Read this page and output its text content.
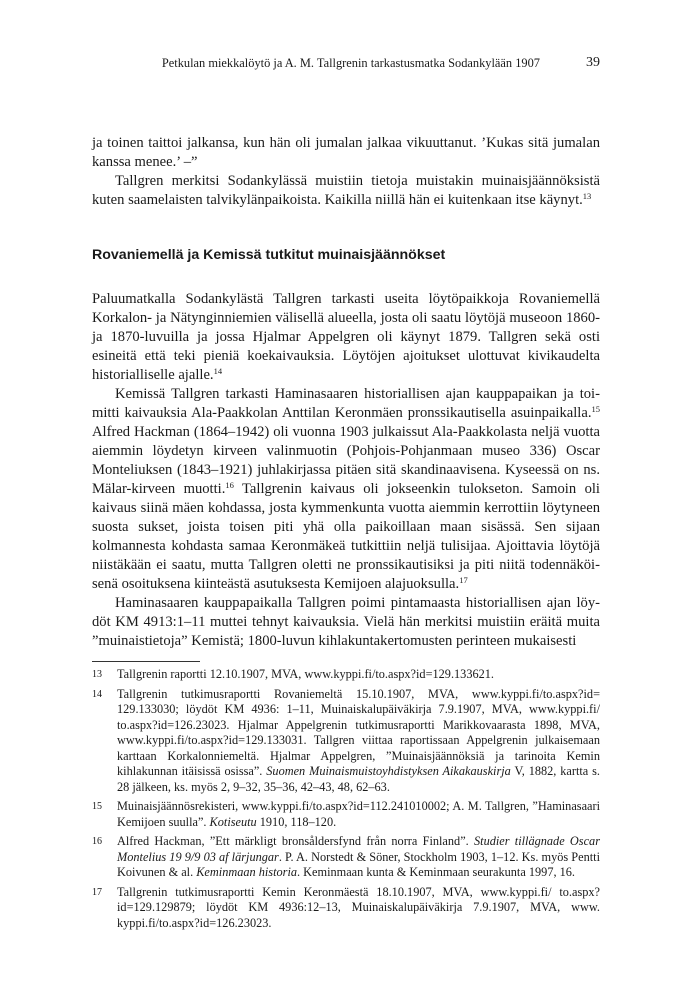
Petkulan miekkalöytö ja A. M. Tallgrenin tarkastusmatka Sodankylään 1907	39

ja toinen taittoi jalkansa, kun hän oli jumalan jalkaa vikuuttanut. ’Kukas sitä jumalan kanssa menee.’ –”

Tallgren merkitsi Sodankylässä muistiin tietoja muistakin muinaisjäännöksistä kuten saamelaisten talvikylänpaikoista. Kaikilla niillä hän ei kuitenkaan itse käynyt.$^{13}$

Rovaniemellä ja Kemissä tutkitut muinaisjäännökset

Paluumatkalla Sodankylästä Tallgren tarkasti useita löytöpaikkoja Rovaniemellä Korkalon- ja Nätynginniemien välisellä alueella, josta oli saatu löytöjä museoon 1860- ja 1870-luvuilla ja jossa Hjalmar Appelgren oli käynyt 1879. Tallgren sekä osti esineitä että teki pieniä koekaivauksia. Löytöjen ajoitukset ulottuvat kivikaudelta historialliselle ajalle.$^{14}$

Kemissä Tallgren tarkasti Haminasaaren historiallisen ajan kauppapaikan ja toimitti kaivauksia Ala-Paakkolan Anttilan Keronmäen pronssikautisella asuinpaikalla.$^{15}$ Alfred Hackman (1864–1942) oli vuonna 1903 julkaissut Ala-Paakkolasta neljä vuotta aiemmin löydetyn kirveen valinmuotin (Pohjois-Pohjanmaan museo 336) Oscar Monteliuksen (1843–1921) juhlakirjassa pitäen sitä skandinaavisena. Kyseessä on ns. Mälar-kirveen muotti.$^{16}$ Tallgrenin kaivaus oli jokseenkin tulokseton. Samoin oli kaivaus siinä mäen kohdassa, josta kymmenkunta vuotta aiemmin kerrottiin löytyneen suosta sukset, joista toisen piti yhä olla paikoillaan maan sisässä. Sen sijaan kolmannesta kohdasta samaa Keronmäkeä tutkittiin neljä tulisijaa. Ajoittavia löytöjä niistäkään ei saatu, mutta Tallgren oletti ne pronssikautisiksi ja piti niitä todennäköisenä osoituksena kiinteästä asutuksesta Kemijoen alajuoksulla.$^{17}$

Haminasaaren kauppapaikalla Tallgren poimi pintamaasta historiallisen ajan löydöt KM 4913:1–11 muttei tehnyt kaivauksia. Vielä hän merkitsi muistiin eräitä muita ”muinaistietoja” Kemistä; 1800-luvun kihlakuntakertomusten perinteen mukaisesti

13 Tallgrenin raportti 12.10.1907, MVA, www.kyppi.fi/to.aspx?id=129.133621.
14 Tallgrenin tutkimusraportti Rovaniemeltä 15.10.1907, MVA, www.kyppi.fi/to.aspx?id= 129.133030; löydöt KM 4936: 1–11, Muinaiskalupäiväkirja 7.9.1907, MVA, www.kyppi.fi/ to.aspx?id=126.23023. Hjalmar Appelgrenin tutkimusraportti Marikkovaarasta 1898, MVA, www.kyppi.fi/to.aspx?id=129.133031. Tallgren viittaa raportissaan Appelgrenin julkaisemaan karttaan Korkalonniemeltä. Hjalmar Appelgren, ”Muinaisjäännöksiä ja tarinoita Kemin kihlakunnan itäisissä osissa”. Suomen Muinaismuistoyhdistyksen Aikakauskirja V, 1882, kartta s. 28 jälkeen, ks. myös 2, 9–32, 35–36, 42–43, 48, 62–63.
15 Muinaisjäännösrekisteri, www.kyppi.fi/to.aspx?id=112.241010002; A. M. Tallgren, ”Haminasaari Kemijoen suulla”. Kotiseutu 1910, 118–120.
16 Alfred Hackman, ”Ett märkligt bronsåldersfynd från norra Finland”. Studier tillägnade Oscar Montelius 19 9/9 03 af lärjungar. P. A. Norstedt & Söner, Stockholm 1903, 1–12. Ks. myös Pentti Koivunen & al. Keminmaan historia. Keminmaan kunta & Keminmaan seurakunta 1997, 16.
17 Tallgrenin tutkimusraportti Kemin Keronmäestä 18.10.1907, MVA, www.kyppi.fi/ to.aspx?id=129.129879; löydöt KM 4936:12–13, Muinaiskalupäiväkirja 7.9.1907, MVA, www. kyppi.fi/to.aspx?id=126.23023.
